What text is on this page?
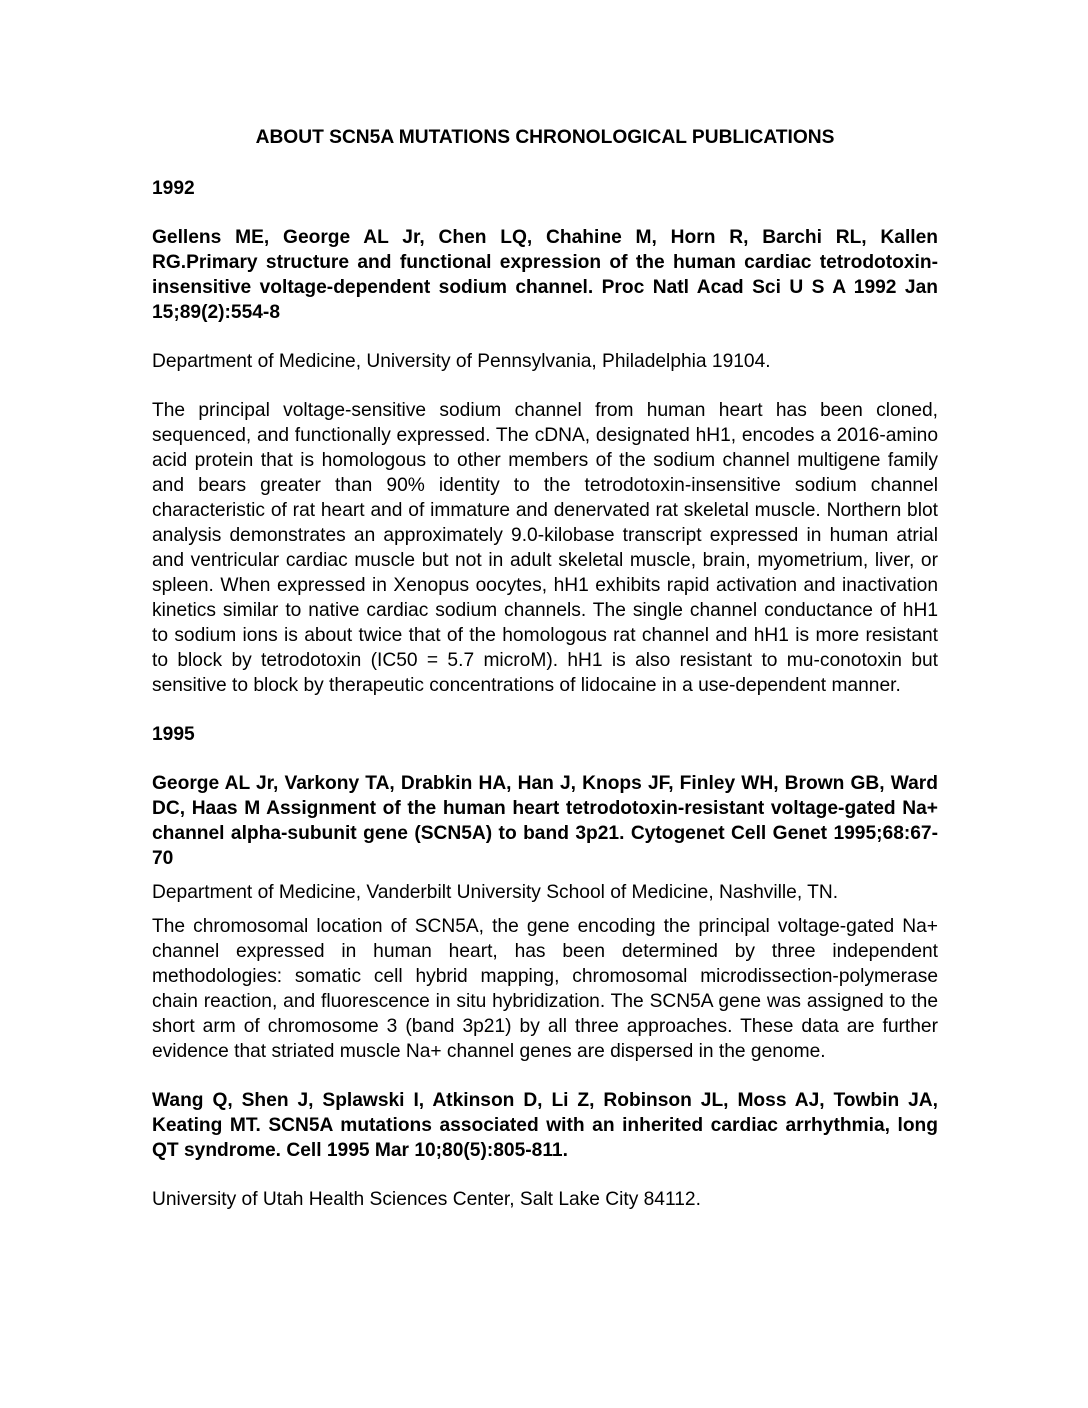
ABOUT SCN5A MUTATIONS CHRONOLOGICAL PUBLICATIONS
1992
Gellens ME, George AL Jr, Chen LQ, Chahine M, Horn R, Barchi RL, Kallen RG.Primary structure and functional expression of the human cardiac tetrodotoxin-insensitive voltage-dependent sodium channel. Proc Natl Acad Sci U S A 1992 Jan 15;89(2):554-8
Department of Medicine, University of Pennsylvania, Philadelphia 19104.
The principal voltage-sensitive sodium channel from human heart has been cloned, sequenced, and functionally expressed. The cDNA, designated hH1, encodes a 2016-amino acid protein that is homologous to other members of the sodium channel multigene family and bears greater than 90% identity to the tetrodotoxin-insensitive sodium channel characteristic of rat heart and of immature and denervated rat skeletal muscle. Northern blot analysis demonstrates an approximately 9.0-kilobase transcript expressed in human atrial and ventricular cardiac muscle but not in adult skeletal muscle, brain, myometrium, liver, or spleen. When expressed in Xenopus oocytes, hH1 exhibits rapid activation and inactivation kinetics similar to native cardiac sodium channels. The single channel conductance of hH1 to sodium ions is about twice that of the homologous rat channel and hH1 is more resistant to block by tetrodotoxin (IC50 = 5.7 microM). hH1 is also resistant to mu-conotoxin but sensitive to block by therapeutic concentrations of lidocaine in a use-dependent manner.
1995
George AL Jr, Varkony TA, Drabkin HA, Han J, Knops JF, Finley WH, Brown GB, Ward DC, Haas M Assignment of the human heart tetrodotoxin-resistant voltage-gated Na+ channel alpha-subunit gene (SCN5A) to band 3p21. Cytogenet Cell Genet 1995;68:67-70
Department of Medicine, Vanderbilt University School of Medicine, Nashville, TN.
The chromosomal location of SCN5A, the gene encoding the principal voltage-gated Na+ channel expressed in human heart, has been determined by three independent methodologies: somatic cell hybrid mapping, chromosomal microdissection-polymerase chain reaction, and fluorescence in situ hybridization. The SCN5A gene was assigned to the short arm of chromosome 3 (band 3p21) by all three approaches. These data are further evidence that striated muscle Na+ channel genes are dispersed in the genome.
Wang Q, Shen J, Splawski I, Atkinson D, Li Z, Robinson JL, Moss AJ, Towbin JA, Keating MT. SCN5A mutations associated with an inherited cardiac arrhythmia, long QT syndrome. Cell 1995 Mar 10;80(5):805-811.
University of Utah Health Sciences Center, Salt Lake City 84112.
